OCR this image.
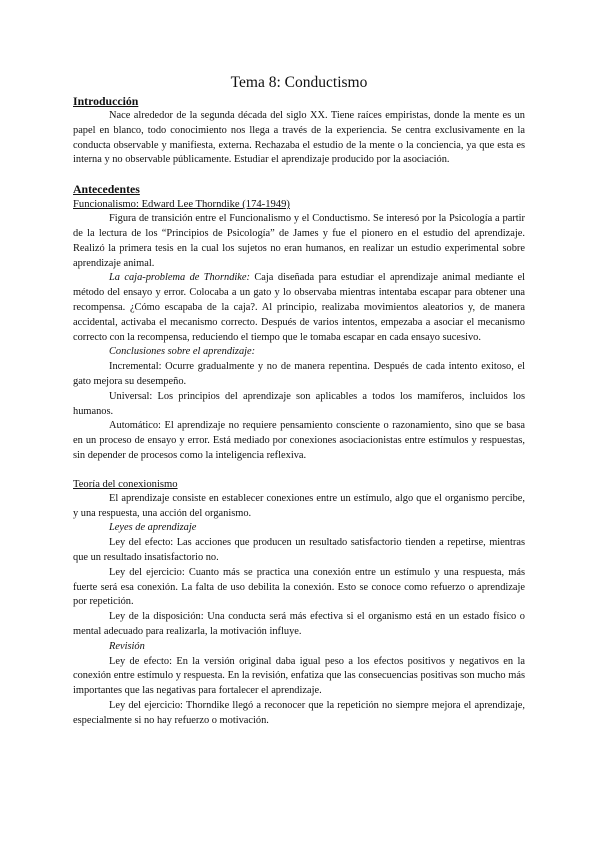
Tema 8: Conductismo
Introducción

Nace alrededor de la segunda década del siglo XX. Tiene raíces empiristas, donde la mente es un papel en blanco, todo conocimiento nos llega a través de la experiencia. Se centra exclusivamente en la conducta observable y manifiesta, externa. Rechazaba el estudio de la mente o la conciencia, ya que esta es interna y no observable públicamente. Estudiar el aprendizaje producido por la asociación.

Antecedentes
Funcionalismo: Edward Lee Thorndike (174-1949)

Figura de transición entre el Funcionalismo y el Conductismo. Se interesó por la Psicología a partir de la lectura de los “Principios de Psicología” de James y fue el pionero en el estudio del aprendizaje. Realizó la primera tesis en la cual los sujetos no eran humanos, en realizar un estudio experimental sobre aprendizaje animal.

La caja-problema de Thorndike: Caja diseñada para estudiar el aprendizaje animal mediante el método del ensayo y error. Colocaba a un gato y lo observaba mientras intentaba escapar para obtener una recompensa. ¿Cómo escapaba de la caja?. Al principio, realizaba movimientos aleatorios y, de manera accidental, activaba el mecanismo correcto. Después de varios intentos, empezaba a asociar el mecanismo correcto con la recompensa, reduciendo el tiempo que le tomaba escapar en cada ensayo sucesivo.

Conclusiones sobre el aprendizaje:

Incremental: Ocurre gradualmente y no de manera repentina. Después de cada intento exitoso, el gato mejora su desempeño.

Universal: Los principios del aprendizaje son aplicables a todos los mamíferos, incluidos los humanos.

Automático: El aprendizaje no requiere pensamiento consciente o razonamiento, sino que se basa en un proceso de ensayo y error. Está mediado por conexiones asociacionistas entre estímulos y respuestas, sin depender de procesos como la inteligencia reflexiva.

Teoría del conexionismo

El aprendizaje consiste en establecer conexiones entre un estímulo, algo que el organismo percibe, y una respuesta, una acción del organismo.

Leyes de aprendizaje

Ley del efecto: Las acciones que producen un resultado satisfactorio tienden a repetirse, mientras que un resultado insatisfactorio no.

Ley del ejercicio: Cuanto más se practica una conexión entre un estímulo y una respuesta, más fuerte será esa conexión. La falta de uso debilita la conexión. Esto se conoce como refuerzo o aprendizaje por repetición.

Ley de la disposición: Una conducta será más efectiva si el organismo está en un estado físico o mental adecuado para realizarla, la motivación influye.

Revisión

Ley de efecto: En la versión original daba igual peso a los efectos positivos y negativos en la conexión entre estímulo y respuesta. En la revisión, enfatiza que las consecuencias positivas son mucho más importantes que las negativas para fortalecer el aprendizaje.

Ley del ejercicio: Thorndike llegó a reconocer que la repetición no siempre mejora el aprendizaje, especialmente si no hay refuerzo o motivación.
